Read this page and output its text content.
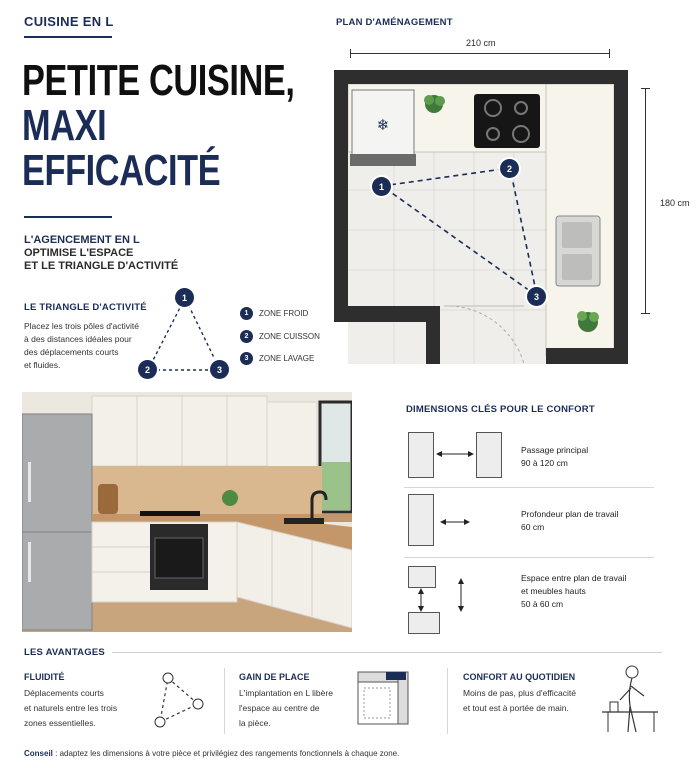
CUISINE EN L
PETITE CUISINE,
MAXI
EFFICACITÉ
L'AGENCEMENT EN L
OPTIMISE L'ESPACE
ET LE TRIANGLE D'ACTIVITÉ
LE TRIANGLE D'ACTIVITÉ
Placez les trois pôles d'activité
à des distances idéales pour
des déplacements courts
et fluides.
1
2	3
1	ZONE FROID
2	ZONE CUISSON
3	ZONE LAVAGE
PLAN D'AMÉNAGEMENT
210 cm
180 cm
❄
1
2
3
DIMENSIONS CLÉS POUR LE CONFORT
Passage principal
90 à 120 cm
Profondeur plan de travail
60 cm
Espace entre plan de travail
et meubles hauts
50 à 60 cm
LES AVANTAGES
FLUIDITÉ
Déplacements courts
et naturels entre les trois
zones essentielles.
GAIN DE PLACE
L'implantation en L libère
l'espace au centre de
la pièce.
CONFORT AU QUOTIDIEN
Moins de pas, plus d'efficacité
et tout est à portée de main.
Conseil : adaptez les dimensions à votre pièce et privilégiez des rangements fonctionnels à chaque zone.
